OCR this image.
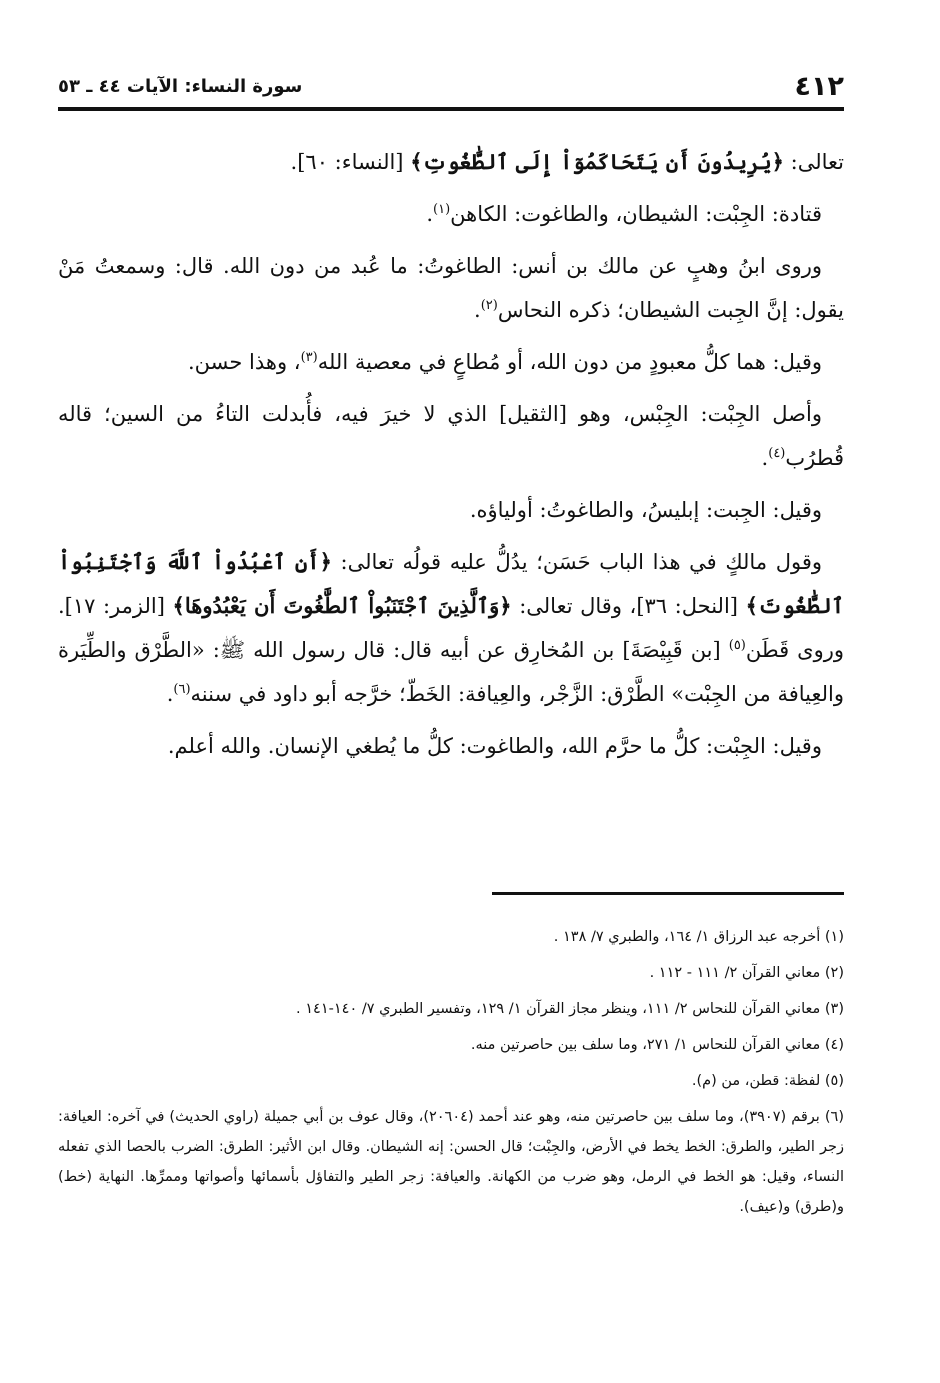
٤١٢
سورة النساء: الآيات ٤٤ ـ ٥٣

تعالى: ﴿يُرِيدُونَ أَن يَتَحَاكَمُوٓاْ إِلَى ٱلطَّٰغُوتِ﴾ [النساء: ٦٠].

قتادة: الجِبْت: الشيطان، والطاغوت: الكاهن$^{(١)}$.

وروى ابنُ وهبٍ عن مالك بن أنس: الطاغوتُ: ما عُبد من دون الله. قال: وسمعتُ مَنْ يقول: إنَّ الجِبت الشيطان؛ ذكره النحاس$^{(٢)}$.

وقيل: هما كلُّ معبودٍ من دون الله، أو مُطاعٍ في معصية الله$^{(٣)}$، وهذا حسن.

وأصل الجِبْت: الجِبْس، وهو [الثقيل] الذي لا خيرَ فيه، فأُبدلت التاءُ من السين؛ قاله قُطرُب$^{(٤)}$.

وقيل: الجِبت: إبليسُ، والطاغوتُ: أولياؤه.

وقول مالكٍ في هذا الباب حَسَن؛ يدُلُّ عليه قولُه تعالى: ﴿أَنِ ٱعْبُدُواْ ٱللَّهَ وَٱجْتَنِبُواْ ٱلطَّٰغُوتَ﴾ [النحل: ٣٦]، وقال تعالى: ﴿وَٱلَّذِينَ ٱجْتَنَبُواْ ٱلطَّٰغُوتَ أَن يَعْبُدُوهَا﴾ [الزمر: ١٧]. وروى قَطَن$^{(٥)}$ [بن قَبِيْصَةَ] بن المُخارِق عن أبيه قال: قال رسول الله ﷺ: «الطَّرْق والطِّيَرة والعِيافة من الجِبْت» الطَّرْق: الزَّجْر، والعِيافة: الخَطّ؛ خرَّجه أبو داود في سننه$^{(٦)}$.

وقيل: الجِبْت: كلُّ ما حرَّم الله، والطاغوت: كلُّ ما يُطغي الإنسان. والله أعلم.

(١) أخرجه عبد الرزاق ١/ ١٦٤، والطبري ٧/ ١٣٨ .

(٢) معاني القرآن ٢/ ١١١ - ١١٢ .

(٣) معاني القرآن للنحاس ٢/ ١١١، وينظر مجاز القرآن ١/ ١٢٩، وتفسير الطبري ٧/ ١٤٠-١٤١ .

(٤) معاني القرآن للنحاس ١/ ٢٧١، وما سلف بين حاصرتين منه.

(٥) لفظة: قطن، من (م).

(٦) برقم (٣٩٠٧)، وما سلف بين حاصرتين منه، وهو عند أحمد (٢٠٦٠٤)، وقال عوف بن أبي جميلة (راوي الحديث) في آخره: العيافة: زجر الطير، والطرق: الخط يخط في الأرض، والجِبْت؛ قال الحسن: إنه الشيطان. وقال ابن الأثير: الطرق: الضرب بالحصا الذي تفعله النساء، وقيل: هو الخط في الرمل، وهو ضرب من الكهانة. والعيافة: زجر الطير والتفاؤل بأسمائها وأصواتها وممرِّها. النهاية (خط) و(طرق) و(عيف).
